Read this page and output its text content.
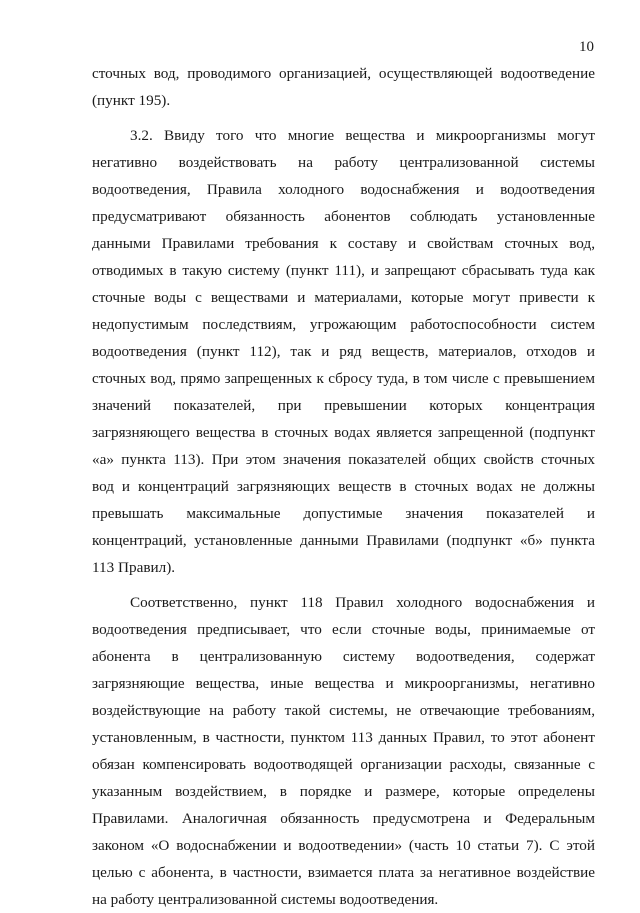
10
сточных вод, проводимого организацией, осуществляющей водоотведение
(пункт 195).
3.2. Ввиду того что многие вещества и микроорганизмы могут
негативно воздействовать на работу централизованной системы
водоотведения, Правила холодного водоснабжения и водоотведения
предусматривают обязанность абонентов соблюдать установленные
данными Правилами требования к составу и свойствам сточных вод,
отводимых в такую систему (пункт 111), и запрещают сбрасывать туда как
сточные воды с веществами и материалами, которые могут привести к
недопустимым последствиям, угрожающим работоспособности систем
водоотведения (пункт 112), так и ряд веществ, материалов, отходов и
сточных вод, прямо запрещенных к сбросу туда, в том числе с превышением
значений показателей, при превышении которых концентрация
загрязняющего вещества в сточных водах является запрещенной (подпункт
«а» пункта 113). При этом значения показателей общих свойств сточных
вод и концентраций загрязняющих веществ в сточных водах не должны
превышать максимальные допустимые значения показателей и
концентраций, установленные данными Правилами (подпункт «б» пункта
113 Правил).
Соответственно, пункт 118 Правил холодного водоснабжения и
водоотведения предписывает, что если сточные воды, принимаемые от
абонента в централизованную систему водоотведения, содержат
загрязняющие вещества, иные вещества и микроорганизмы, негативно
воздействующие на работу такой системы, не отвечающие требованиям,
установленным, в частности, пунктом 113 данных Правил, то этот абонент
обязан компенсировать водоотводящей организации расходы, связанные с
указанным воздействием, в порядке и размере, которые определены
Правилами. Аналогичная обязанность предусмотрена и Федеральным
законом «О водоснабжении и водоотведении» (часть 10 статьи 7). С этой
целью с абонента, в частности, взимается плата за негативное воздействие
на работу централизованной системы водоотведения.
